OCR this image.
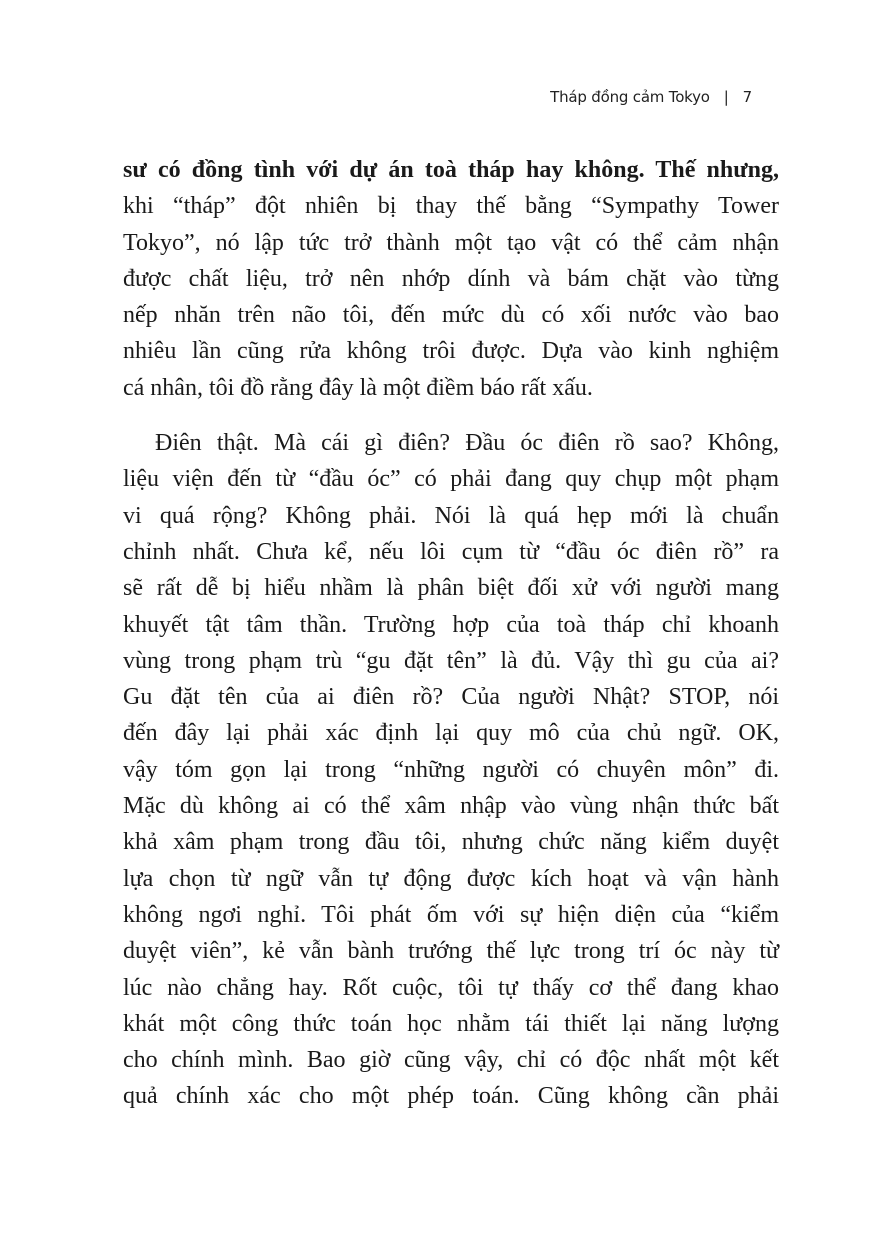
Tháp đồng cảm Tokyo | 7
sư có đồng tình với dự án toà tháp hay không. Thế nhưng,
khi “tháp” đột nhiên bị thay thế bằng “Sympathy Tower
Tokyo”, nó lập tức trở thành một tạo vật có thể cảm nhận
được chất liệu, trở nên nhớp dính và bám chặt vào từng
nếp nhăn trên não tôi, đến mức dù có xối nước vào bao
nhiêu lần cũng rửa không trôi được. Dựa vào kinh nghiệm
cá nhân, tôi đồ rằng đây là một điềm báo rất xấu.
Điên thật. Mà cái gì điên? Đầu óc điên rồ sao? Không,
liệu viện đến từ “đầu óc” có phải đang quy chụp một phạm
vi quá rộng? Không phải. Nói là quá hẹp mới là chuẩn
chỉnh nhất. Chưa kể, nếu lôi cụm từ “đầu óc điên rồ” ra
sẽ rất dễ bị hiểu nhầm là phân biệt đối xử với người mang
khuyết tật tâm thần. Trường hợp của toà tháp chỉ khoanh
vùng trong phạm trù “gu đặt tên” là đủ. Vậy thì gu của ai?
Gu đặt tên của ai điên rồ? Của người Nhật? STOP, nói
đến đây lại phải xác định lại quy mô của chủ ngữ. OK,
vậy tóm gọn lại trong “những người có chuyên môn” đi.
Mặc dù không ai có thể xâm nhập vào vùng nhận thức bất
khả xâm phạm trong đầu tôi, nhưng chức năng kiểm duyệt
lựa chọn từ ngữ vẫn tự động được kích hoạt và vận hành
không ngơi nghỉ. Tôi phát ốm với sự hiện diện của “kiểm
duyệt viên”, kẻ vẫn bành trướng thế lực trong trí óc này từ
lúc nào chẳng hay. Rốt cuộc, tôi tự thấy cơ thể đang khao
khát một công thức toán học nhằm tái thiết lại năng lượng
cho chính mình. Bao giờ cũng vậy, chỉ có độc nhất một kết
quả chính xác cho một phép toán. Cũng không cần phải
